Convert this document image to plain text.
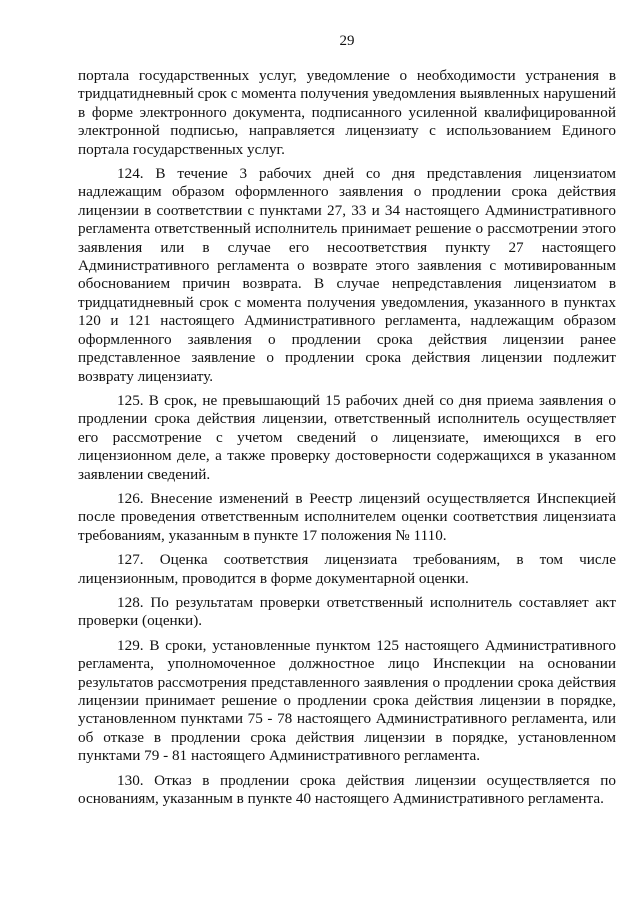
29

портала государственных услуг, уведомление о необходимости устранения в тридцатидневный срок с момента получения уведомления выявленных нарушений в форме электронного документа, подписанного усиленной квалифицированной электронной подписью, направляется лицензиату с использованием Единого портала государственных услуг.

124. В течение 3 рабочих дней со дня представления лицензиатом надлежащим образом оформленного заявления о продлении срока действия лицензии в соответствии с пунктами 27, 33 и 34 настоящего Административного регламента ответственный исполнитель принимает решение о рассмотрении этого заявления или в случае его несоответствия пункту 27 настоящего Административного регламента о возврате этого заявления с мотивированным обоснованием причин возврата. В случае непредставления лицензиатом в тридцатидневный срок с момента получения уведомления, указанного в пунктах 120 и 121 настоящего Административного регламента, надлежащим образом оформленного заявления о продлении срока действия лицензии ранее представленное заявление о продлении срока действия лицензии подлежит возврату лицензиату.

125. В срок, не превышающий 15 рабочих дней со дня приема заявления о продлении срока действия лицензии, ответственный исполнитель осуществляет его рассмотрение с учетом сведений о лицензиате, имеющихся в его лицензионном деле, а также проверку достоверности содержащихся в указанном заявлении сведений.

126. Внесение изменений в Реестр лицензий осуществляется Инспекцией после проведения ответственным исполнителем оценки соответствия лицензиата требованиям, указанным в пункте 17 положения № 1110.

127. Оценка соответствия лицензиата требованиям, в том числе лицензионным, проводится в форме документарной оценки.

128. По результатам проверки ответственный исполнитель составляет акт проверки (оценки).

129. В сроки, установленные пунктом 125 настоящего Административного регламента, уполномоченное должностное лицо Инспекции на основании результатов рассмотрения представленного заявления о продлении срока действия лицензии принимает решение о продлении срока действия лицензии в порядке, установленном пунктами 75 - 78 настоящего Административного регламента, или об отказе в продлении срока действия лицензии в порядке, установленном пунктами 79 - 81 настоящего Административного регламента.

130. Отказ в продлении срока действия лицензии осуществляется по основаниям, указанным в пункте 40 настоящего Административного регламента.
